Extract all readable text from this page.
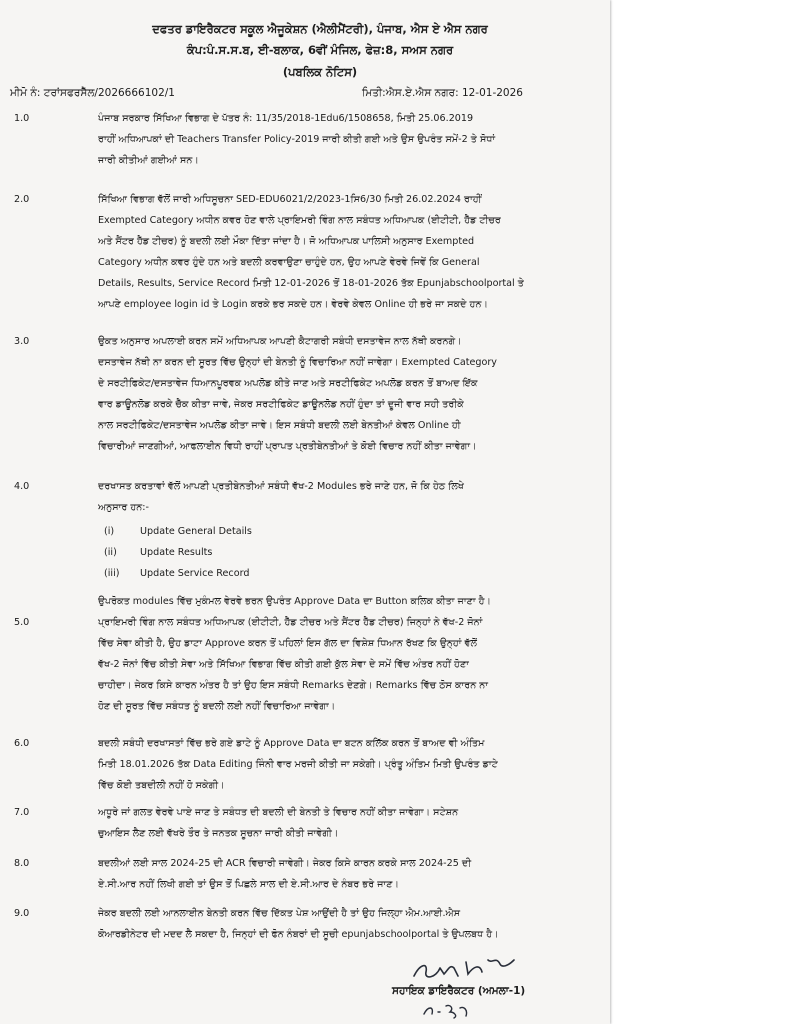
ਦਫਤਰ ਡਾਇਰੈਕਟਰ ਸਕੂਲ ਐਜੂਕੇਸ਼ਨ (ਐਲੀਮੈਂਟਰੀ), ਪੰਜਾਬ, ਐਸ ਏ ਐਸ ਨਗਰ
ਕੰਪ:ਪੰ.ਸ.ਸ.ਬ, ਈ-ਬਲਾਕ, 6ਵੀਂ ਮੰਜਿਲ, ਫੇਜ਼:8, ਸਅਸ ਨਗਰ
(ਪਬਲਿਕ ਨੋਟਿਸ)
ਮੀਮੋ ਨੰ: ਟਰਾਂਸਫਰਸੈੱਲ/2026666102/1	ਮਿਤੀ:ਐਸ.ਏ.ਐਸ ਨਗਰ: 12-01-2026
1.0	ਪੰਜਾਬ ਸਰਕਾਰ ਸਿੱਖਿਆ ਵਿਭਾਗ ਦੇ ਪੱਤਰ ਨੰ: 11/35/2018-1Edu6/1508658, ਮਿਤੀ 25.06.2019
ਰਾਹੀਂ ਅਧਿਆਪਕਾਂ ਦੀ Teachers Transfer Policy-2019 ਜਾਰੀ ਕੀਤੀ ਗਈ ਅਤੇ ਉਸ ਉਪਰੰਤ ਸਮੇਂ-2 ਤੇ ਸੋਧਾਂ
ਜਾਰੀ ਕੀਤੀਆਂ ਗਈਆਂ ਸਨ।
2.0	ਸਿੱਖਿਆ ਵਿਭਾਗ ਵੱਲੋਂ ਜਾਰੀ ਅਧਿਸੂਚਨਾ SED-EDU6021/2/2023-1ਸਿ6/30 ਮਿਤੀ 26.02.2024 ਰਾਹੀਂ
Exempted Category ਅਧੀਨ ਕਵਰ ਹੋਣ ਵਾਲੇ ਪ੍ਰਾਇਮਰੀ ਵਿੰਗ ਨਾਲ ਸਬੰਧਤ ਅਧਿਆਪਕ (ਈਟੀਟੀ, ਹੈੱਡ ਟੀਚਰ
ਅਤੇ ਸੈਂਟਰ ਹੈੱਡ ਟੀਚਰ) ਨੂੰ ਬਦਲੀ ਲਈ ਮੌਕਾ ਦਿੱਤਾ ਜਾਂਦਾ ਹੈ। ਜੋ ਅਧਿਆਪਕ ਪਾਲਿਸੀ ਅਨੁਸਾਰ Exempted
Category ਅਧੀਨ ਕਵਰ ਹੁੰਦੇ ਹਨ ਅਤੇ ਬਦਲੀ ਕਰਵਾਉਣਾ ਚਾਹੁੰਦੇ ਹਨ, ਉਹ ਆਪਣੇ ਵੇਰਵੇ ਜਿਵੇਂ ਕਿ General
Details, Results, Service Record ਮਿਤੀ 12-01-2026 ਤੋਂ 18-01-2026 ਤੱਕ Epunjabschoolportal ਤੇ
ਆਪਣੇ employee login id ਤੇ Login ਕਰਕੇ ਭਰ ਸਕਦੇ ਹਨ। ਵੇਰਵੇ ਕੇਵਲ Online ਹੀ ਭਰੇ ਜਾ ਸਕਦੇ ਹਨ।
3.0	ਉਕਤ ਅਨੁਸਾਰ ਅਪਲਾਈ ਕਰਨ ਸਮੇਂ ਅਧਿਆਪਕ ਆਪਣੀ ਕੈਟਾਗਰੀ ਸਬੰਧੀ ਦਸਤਾਵੇਜ ਨਾਲ ਨੱਥੀ ਕਰਨਗੇ।
ਦਸਤਾਵੇਜ ਨੱਥੀ ਨਾ ਕਰਨ ਦੀ ਸੂਰਤ ਵਿੱਚ ਉਨ੍ਹਾਂ ਦੀ ਬੇਨਤੀ ਨੂੰ ਵਿਚਾਰਿਆ ਨਹੀਂ ਜਾਵੇਗਾ। Exempted Category
ਦੇ ਸਰਟੀਫਿਕੇਟ/ਦਸਤਾਵੇਜ ਧਿਆਨਪੂਰਵਕ ਅਪਲੋਡ ਕੀਤੇ ਜਾਣ ਅਤੇ ਸਰਟੀਫਿਕੇਟ ਅਪਲੋਡ ਕਰਨ ਤੋਂ ਬਾਅਦ ਇੱਕ
ਵਾਰ ਡਾਊਨਲੋਡ ਕਰਕੇ ਚੈੱਕ ਕੀਤਾ ਜਾਵੇ, ਜੇਕਰ ਸਰਟੀਫਿਕੇਟ ਡਾਊਨਲੋਡ ਨਹੀਂ ਹੁੰਦਾ ਤਾਂ ਦੂਜੀ ਵਾਰ ਸਹੀ ਤਰੀਕੇ
ਨਾਲ ਸਰਟੀਫਿਕੇਟ/ਦਸਤਾਵੇਜ ਅਪਲੋਡ ਕੀਤਾ ਜਾਵੇ। ਇਸ ਸਬੰਧੀ ਬਦਲੀ ਲਈ ਬੇਨਤੀਆਂ ਕੇਵਲ Online ਹੀ
ਵਿਚਾਰੀਆਂ ਜਾਣਗੀਆਂ, ਆਫਲਾਈਨ ਵਿਧੀ ਰਾਹੀਂ ਪ੍ਰਾਪਤ ਪ੍ਰਤੀਬੇਨਤੀਆਂ ਤੇ ਕੋਈ ਵਿਚਾਰ ਨਹੀਂ ਕੀਤਾ ਜਾਵੇਗਾ।
4.0	ਦਰਖਾਸਤ ਕਰਤਾਵਾਂ ਵੱਲੋਂ ਆਪਣੀ ਪ੍ਰਤੀਬੇਨਤੀਆਂ ਸਬੰਧੀ ਵੱਖ-2 Modules ਭਰੇ ਜਾਣੇ ਹਨ, ਜੋ ਕਿ ਹੇਠ ਲਿਖੇ
ਅਨੁਸਾਰ ਹਨ:-
(i)	Update General Details
(ii)	Update Results
(iii)	Update Service Record
ਉਪਰੋਕਤ modules ਵਿੱਚ ਮੁਕੰਮਲ ਵੇਰਵੇ ਭਰਨ ਉਪਰੰਤ Approve Data ਦਾ Button ਕਲਿਕ ਕੀਤਾ ਜਾਣਾ ਹੈ।
5.0	ਪ੍ਰਾਇਮਰੀ ਵਿੰਗ ਨਾਲ ਸਬੰਧਤ ਅਧਿਆਪਕ (ਈਟੀਟੀ, ਹੈੱਡ ਟੀਚਰ ਅਤੇ ਸੈਂਟਰ ਹੈੱਡ ਟੀਚਰ) ਜਿਨ੍ਹਾਂ ਨੇ ਵੱਖ-2 ਜੋਨਾਂ
ਵਿੱਚ ਸੇਵਾ ਕੀਤੀ ਹੈ, ਉਹ ਡਾਟਾ Approve ਕਰਨ ਤੋਂ ਪਹਿਲਾਂ ਇਸ ਗੱਲ ਦਾ ਵਿਸ਼ੇਸ਼ ਧਿਆਨ ਰੱਖਣ ਕਿ ਉਨ੍ਹਾਂ ਵੱਲੋਂ
ਵੱਖ-2 ਜੋਨਾਂ ਵਿੱਚ ਕੀਤੀ ਸੇਵਾ ਅਤੇ ਸਿੱਖਿਆ ਵਿਭਾਗ ਵਿੱਚ ਕੀਤੀ ਗਈ ਕੁੱਲ ਸੇਵਾ ਦੇ ਸਮੇਂ ਵਿੱਚ ਅੰਤਰ ਨਹੀਂ ਹੋਣਾ
ਚਾਹੀਦਾ। ਜੇਕਰ ਕਿਸੇ ਕਾਰਨ ਅੰਤਰ ਹੈ ਤਾਂ ਉਹ ਇਸ ਸਬੰਧੀ Remarks ਦੇਣਗੇ। Remarks ਵਿੱਚ ਠੋਸ ਕਾਰਨ ਨਾ
ਹੋਣ ਦੀ ਸੂਰਤ ਵਿੱਚ ਸਬੰਧਤ ਨੂੰ ਬਦਲੀ ਲਈ ਨਹੀਂ ਵਿਚਾਰਿਆ ਜਾਵੇਗਾ।
6.0	ਬਦਲੀ ਸਬੰਧੀ ਦਰਖਾਸਤਾਂ ਵਿੱਚ ਭਰੇ ਗਏ ਡਾਟੇ ਨੂੰ Approve Data ਦਾ ਬਟਨ ਕਲਿੱਕ ਕਰਨ ਤੋਂ ਬਾਅਦ ਵੀ ਅੰਤਿਮ
ਮਿਤੀ 18.01.2026 ਤੱਕ Data Editing ਜਿੰਨੀ ਵਾਰ ਮਰਜੀ ਕੀਤੀ ਜਾ ਸਕੇਗੀ। ਪ੍ਰੰਤੂ ਅੰਤਿਮ ਮਿਤੀ ਉਪਰੰਤ ਡਾਟੇ
ਵਿੱਚ ਕੋਈ ਤਬਦੀਲੀ ਨਹੀਂ ਹੋ ਸਕੇਗੀ।
7.0	ਅਧੂਰੇ ਜਾਂ ਗਲਤ ਵੇਰਵੇ ਪਾਏ ਜਾਣ ਤੇ ਸਬੰਧਤ ਦੀ ਬਦਲੀ ਦੀ ਬੇਨਤੀ ਤੇ ਵਿਚਾਰ ਨਹੀਂ ਕੀਤਾ ਜਾਵੇਗਾ। ਸਟੇਸ਼ਨ
ਚੁਆਇਸ ਲੈਣ ਲਈ ਵੱਖਰੇ ਤੌਰ ਤੇ ਜਨਤਕ ਸੂਚਨਾ ਜਾਰੀ ਕੀਤੀ ਜਾਵੇਗੀ।
8.0	ਬਦਲੀਆਂ ਲਈ ਸਾਲ 2024-25 ਦੀ ACR ਵਿਚਾਰੀ ਜਾਵੇਗੀ। ਜੇਕਰ ਕਿਸੇ ਕਾਰਨ ਕਰਕੇ ਸਾਲ 2024-25 ਦੀ
ਏ.ਸੀ.ਆਰ ਨਹੀਂ ਲਿਖੀ ਗਈ ਤਾਂ ਉਸ ਤੋਂ ਪਿਛਲੇ ਸਾਲ ਦੀ ਏ.ਸੀ.ਆਰ ਦੇ ਨੰਬਰ ਭਰੇ ਜਾਣ।
9.0	ਜੇਕਰ ਬਦਲੀ ਲਈ ਆਨਲਾਈਨ ਬੇਨਤੀ ਕਰਨ ਵਿੱਚ ਦਿੱਕਤ ਪੇਸ਼ ਆਉਂਦੀ ਹੈ ਤਾਂ ਉਹ ਜਿਲ੍ਹਾ ਐਮ.ਆਈ.ਐਸ
ਕੋਆਰਡੀਨੇਟਰ ਦੀ ਮਦਦ ਲੈ ਸਕਦਾ ਹੈ, ਜਿਨ੍ਹਾਂ ਦੀ ਫੋਨ ਨੰਬਰਾਂ ਦੀ ਸੂਚੀ epunjabschoolportal ਤੇ ਉਪਲਬਧ ਹੈ।
ਸਹਾਇਕ ਡਾਇਰੈਕਟਰ (ਅਮਲਾ-1)
